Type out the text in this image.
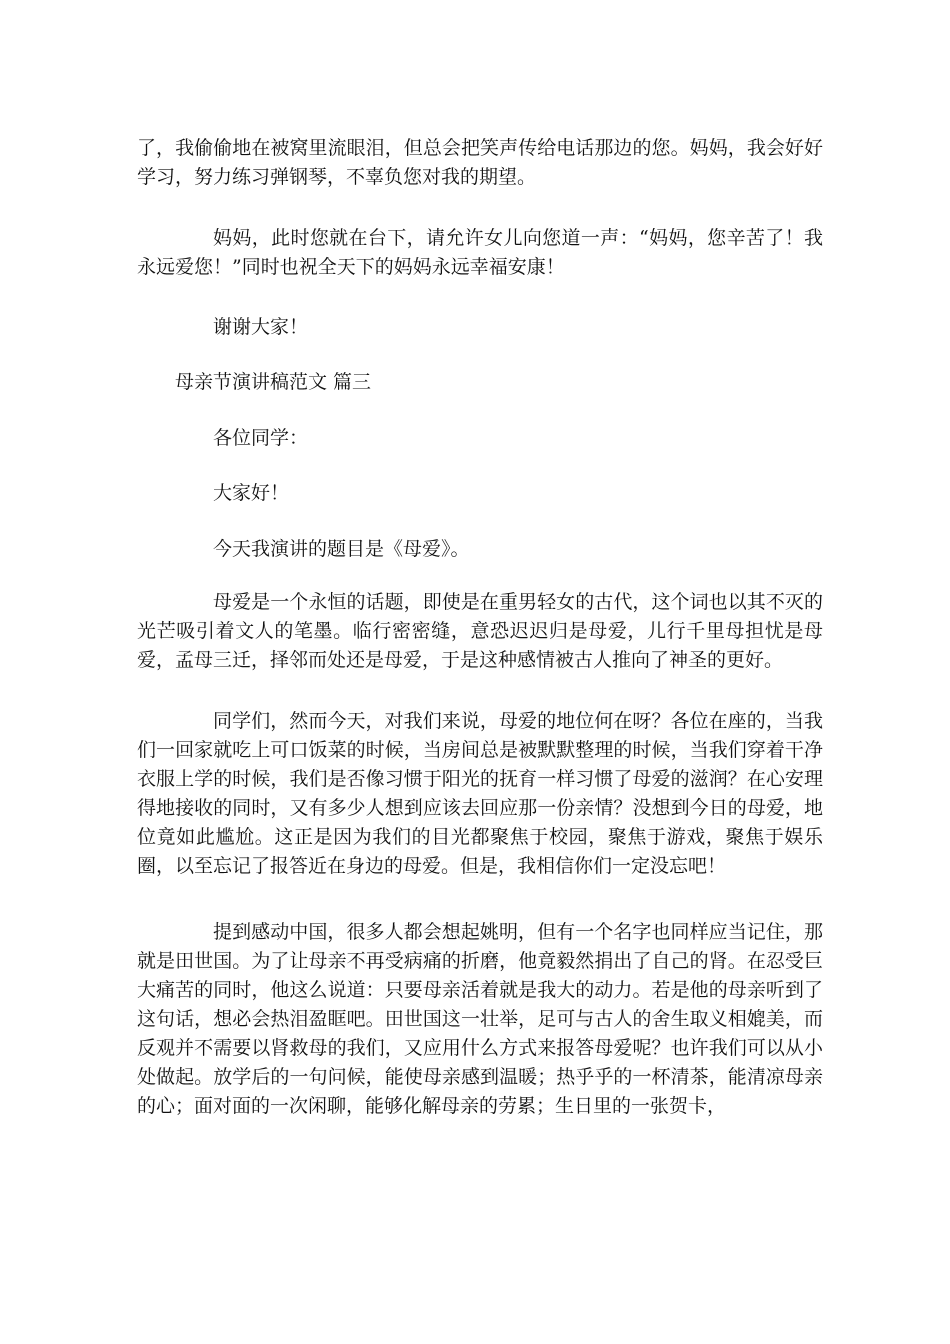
了，我偷偷地在被窝里流眼泪，但总会把笑声传给电话那边的您。妈妈，我会好好学习，努力练习弹钢琴，不辜负您对我的期望。
妈妈，此时您就在台下，请允许女儿向您道一声：“妈妈，您辛苦了！我永远爱您！”同时也祝全天下的妈妈永远幸福安康！
谢谢大家！
母亲节演讲稿范文 篇三
各位同学：
大家好！
今天我演讲的题目是《母爱》。
母爱是一个永恒的话题，即使是在重男轻女的古代，这个词也以其不灭的光芒吸引着文人的笔墨。临行密密缝，意恐迟迟归是母爱，儿行千里母担忧是母爱，孟母三迁，择邻而处还是母爱，于是这种感情被古人推向了神圣的更好。
同学们，然而今天，对我们来说，母爱的地位何在呀？各位在座的，当我们一回家就吃上可口饭菜的时候，当房间总是被默默整理的时候，当我们穿着干净衣服上学的时候，我们是否像习惯于阳光的抚育一样习惯了母爱的滋润？在心安理得地接收的同时，又有多少人想到应该去回应那一份亲情？没想到今日的母爱，地位竟如此尴尬。这正是因为我们的目光都聚焦于校园，聚焦于游戏，聚焦于娱乐圈，以至忘记了报答近在身边的母爱。但是，我相信你们一定没忘吧！
提到感动中国，很多人都会想起姚明，但有一个名字也同样应当记住，那就是田世国。为了让母亲不再受病痛的折磨，他竟毅然捐出了自己的肾。在忍受巨大痛苦的同时，他这么说道：只要母亲活着就是我大的动力。若是他的母亲听到了这句话，想必会热泪盈眶吧。田世国这一壮举，足可与古人的舍生取义相媲美，而反观并不需要以肾救母的我们，又应用什么方式来报答母爱呢？也许我们可以从小处做起。放学后的一句问候，能使母亲感到温暖；热乎乎的一杯清茶，能清凉母亲的心；面对面的一次闲聊，能够化解母亲的劳累；生日里的一张贺卡，
